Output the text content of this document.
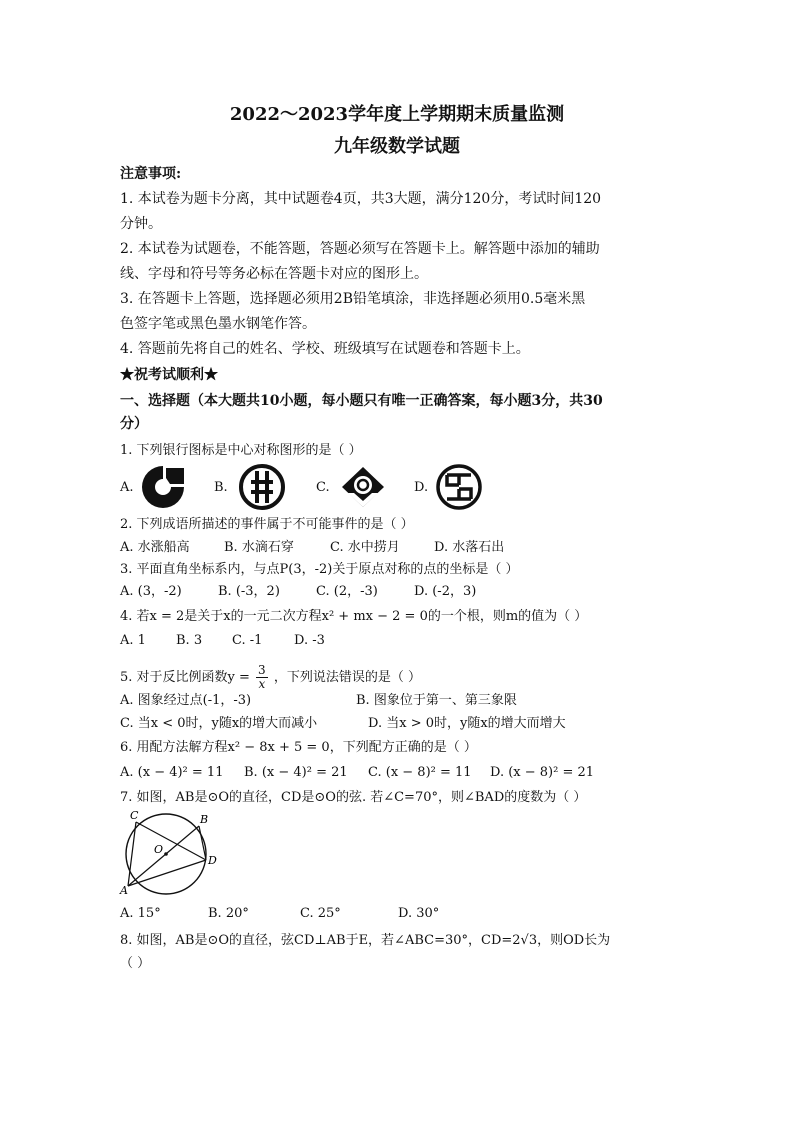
2022～2023学年度上学期期末质量监测
九年级数学试题
注意事项:
1. 本试卷为题卡分离，其中试题卷4页，共3大题，满分120分，考试时间120
分钟。
2. 本试卷为试题卷，不能答题，答题必须写在答题卡上。解答题中添加的辅助
线、字母和符号等务必标在答题卡对应的图形上。
3. 在答题卡上答题，选择题必须用2B铅笔填涂，非选择题必须用0.5毫米黑
色签字笔或黑色墨水钢笔作答。
4. 答题前先将自己的姓名、学校、班级填写在试题卷和答题卡上。
★祝考试顺利★
一、选择题（本大题共10小题，每小题只有唯一正确答案，每小题3分，共30
分）
1. 下列银行图标是中心对称图形的是（ ）
A.	B.	C.	D.
2. 下列成语所描述的事件属于不可能事件的是（ ）
A. 水涨船高	B. 水滴石穿	C. 水中捞月	D. 水落石出
3. 平面直角坐标系内，与点P(3，-2)关于原点对称的点的坐标是（ ）
A. (3，-2)	B. (-3，2)	C. (2，-3)	D. (-2，3)
4. 若x = 2是关于x的一元二次方程x² + mx − 2 = 0的一个根，则m的值为（ ）
A. 1 B. 3 C. -1 D. -3
5. 对于反比例函数$y = \frac{3}{x}$ ，下列说法错误的是（ ）
A. 图象经过点(-1，-3)	B. 图象位于第一、第三象限
C. 当x < 0时，y随x的增大而减小	D. 当x > 0时，y随x的增大而增大
6. 用配方法解方程x² − 8x + 5 = 0，下列配方正确的是（ ）
A. (x − 4)² = 11 B. (x − 4)² = 21 C. (x − 8)² = 11 D. (x − 8)² = 21
7. 如图，AB是⊙O的直径，CD是⊙O的弦. 若∠C=70°，则∠BAD的度数为（ ）
C	B
O
D
A
A. 15°	B. 20°	C. 25°	D. 30°
8. 如图，AB是⊙O的直径，弦CD⊥AB于E，若∠ABC=30°，CD=2√3，则OD长为
（ ）
